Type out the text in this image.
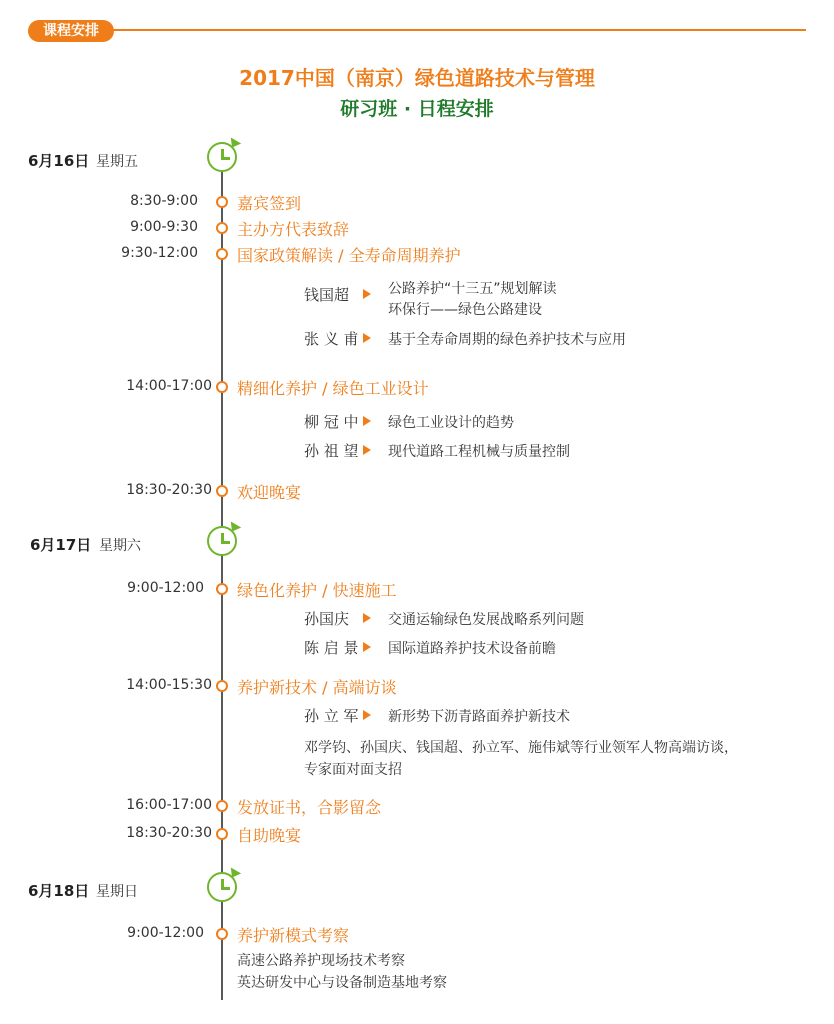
课程安排
2017中国（南京）绿色道路技术与管理
研习班 · 日程安排
6月16日 星期五
8:30-9:00 嘉宾签到
9:00-9:30 主办方代表致辞
9:30-12:00 国家政策解读 / 全寿命周期养护
钱国超	公路养护“十三五”规划解读
环保行——绿色公路建设
张 义 甫 基于全寿命周期的绿色养护技术与应用
14:00-17:00 精细化养护 / 绿色工业设计
柳 冠 中 绿色工业设计的趋势
孙 祖 望 现代道路工程机械与质量控制
18:30-20:30 欢迎晚宴
6月17日 星期六
9:00-12:00 绿色化养护 / 快速施工
孙国庆	交通运输绿色发展战略系列问题
陈 启 景 国际道路养护技术设备前瞻
14:00-15:30 养护新技术 / 高端访谈
孙 立 军 新形势下沥青路面养护新技术
邓学钧、孙国庆、钱国超、孙立军、施伟斌等行业领军人物高端访谈，
专家面对面支招
16:00-17:00 发放证书，合影留念
18:30-20:30 自助晚宴
6月18日 星期日
9:00-12:00 养护新模式考察
高速公路养护现场技术考察
英达研发中心与设备制造基地考察
